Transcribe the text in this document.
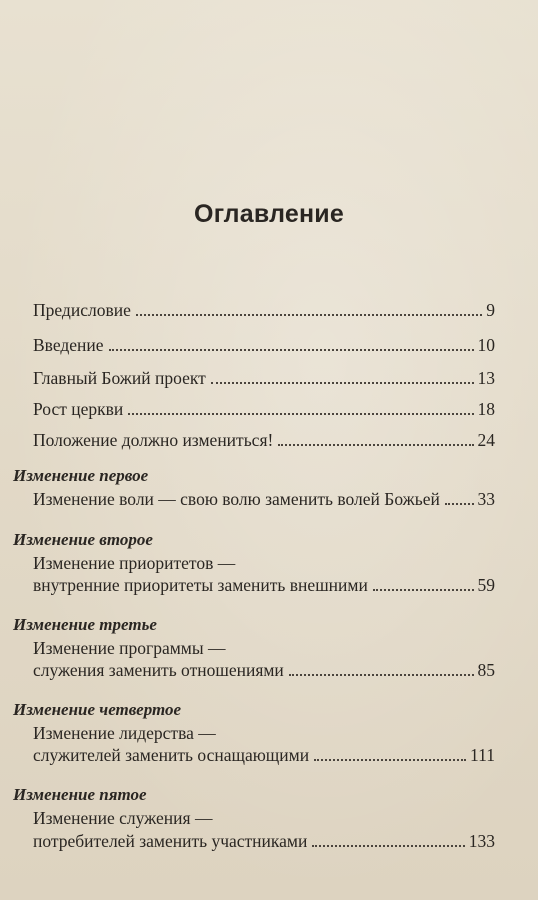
Оглавление
Предисловие	9
Введение	10
Главный Божий проект	13
Рост церкви	18
Положение должно измениться!	24
Изменение первое
Изменение воли — свою волю заменить волей Божьей 33
Изменение второе
Изменение приоритетов —
внутренние приоритеты заменить внешними	59
Изменение третье
Изменение программы —
служения заменить отношениями	85
Изменение четвертое
Изменение лидерства —
служителей заменить оснащающими	111
Изменение пятое
Изменение служения —
потребителей заменить участниками	133
